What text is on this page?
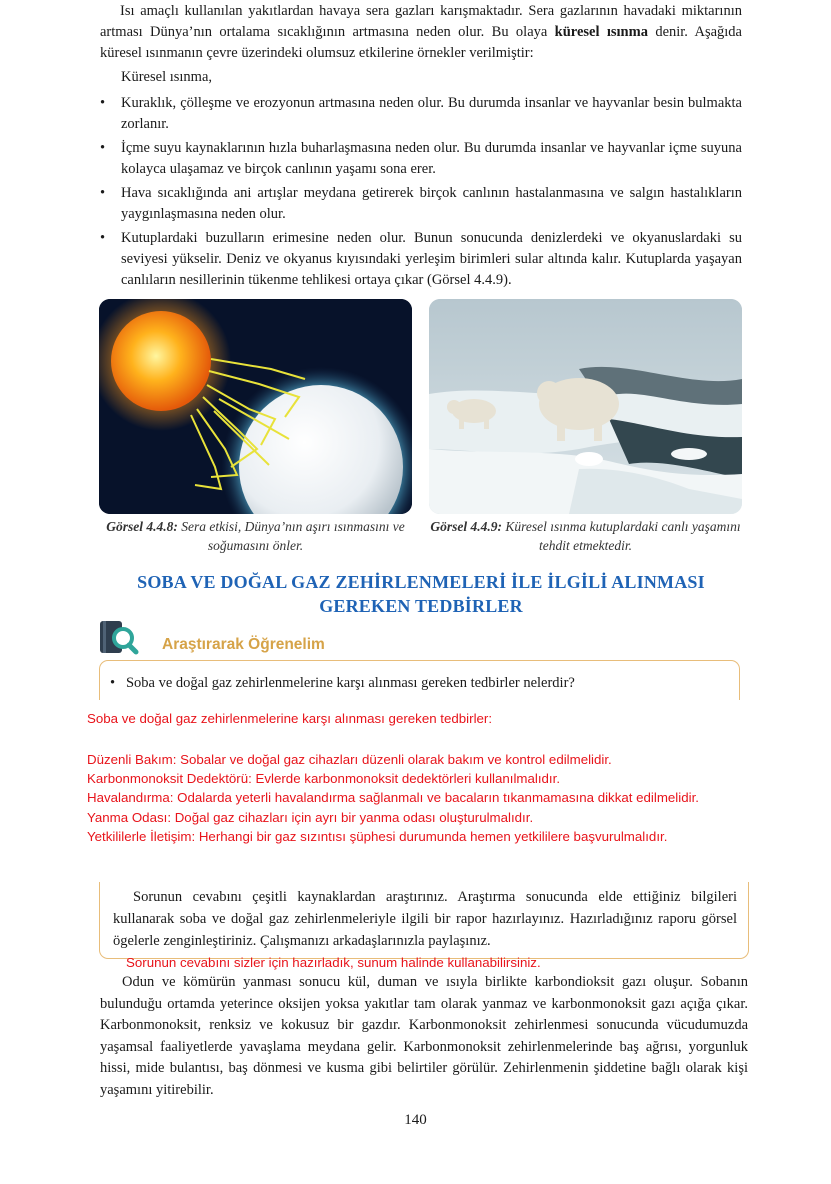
Isı amaçlı kullanılan yakıtlardan havaya sera gazları karışmaktadır. Sera gazlarının havadaki miktarının artması Dünya’nın ortalama sıcaklığının artmasına neden olur. Bu olaya küresel ısınma denir. Aşağıda küresel ısınmanın çevre üzerindeki olumsuz etkilerine örnekler verilmiştir:
Küresel ısınma,
• Kuraklık, çölleşme ve erozyonun artmasına neden olur. Bu durumda insanlar ve hayvanlar besin bulmakta zorlanır.
• İçme suyu kaynaklarının hızla buharlaşmasına neden olur. Bu durumda insanlar ve hayvanlar içme suyuna kolayca ulaşamaz ve birçok canlının yaşamı sona erer.
• Hava sıcaklığında ani artışlar meydana getirerek birçok canlının hastalanmasına ve salgın hastalıkların yaygınlaşmasına neden olur.
• Kutuplardaki buzulların erimesine neden olur. Bunun sonucunda denizlerdeki ve okyanuslardaki su seviyesi yükselir. Deniz ve okyanus kıyısındaki yerleşim birimleri sular altında kalır. Kutuplarda yaşayan canlıların nesillerinin tükenme tehlikesi ortaya çıkar (Görsel 4.4.9).
Görsel 4.4.8: Sera etkisi, Dünya’nın aşırı ısınmasını ve soğumasını önler.
Görsel 4.4.9: Küresel ısınma kutuplardaki canlı yaşamını tehdit etmektedir.
SOBA VE DOĞAL GAZ ZEHİRLENMELERİ İLE İLGİLİ ALINMASI
GEREKEN TEDBİRLER
Araştırarak Öğrenelim
• Soba ve doğal gaz zehirlenmelerine karşı alınması gereken tedbirler nelerdir?
Soba ve doğal gaz zehirlenmelerine karşı alınması gereken tedbirler:
Düzenli Bakım: Sobalar ve doğal gaz cihazları düzenli olarak bakım ve kontrol edilmelidir.
Karbonmonoksit Dedektörü: Evlerde karbonmonoksit dedektörleri kullanılmalıdır.
Havalandırma: Odalarda yeterli havalandırma sağlanmalı ve bacaların tıkanmamasına dikkat edilmelidir.
Yanma Odası: Doğal gaz cihazları için ayrı bir yanma odası oluşturulmalıdır.
Yetkililerle İletişim: Herhangi bir gaz sızıntısı şüphesi durumunda hemen yetkililere başvurulmalıdır.
Sorunun cevabını çeşitli kaynaklardan araştırınız. Araştırma sonucunda elde ettiğiniz bilgileri kullanarak soba ve doğal gaz zehirlenmeleriyle ilgili bir rapor hazırlayınız. Hazırladığınız raporu görsel ögelerle zenginleştiriniz. Çalışmanızı arkadaşlarınızla paylaşınız.
Sorunun cevabını sizler için hazırladık, sunum halinde kullanabilirsiniz.
Odun ve kömürün yanması sonucu kül, duman ve ısıyla birlikte karbondioksit gazı oluşur. Sobanın bulunduğu ortamda yeterince oksijen yoksa yakıtlar tam olarak yanmaz ve karbonmonoksit gazı açığa çıkar. Karbonmonoksit, renksiz ve kokusuz bir gazdır. Karbonmonoksit zehirlenmesi sonucunda vücudumuzda yaşamsal faaliyetlerde yavaşlama meydana gelir. Karbonmonoksit zehirlenmelerinde baş ağrısı, yorgunluk hissi, mide bulantısı, baş dönmesi ve kusma gibi belirtiler görülür. Zehirlenmenin şiddetine bağlı olarak kişi yaşamını yitirebilir.
140
